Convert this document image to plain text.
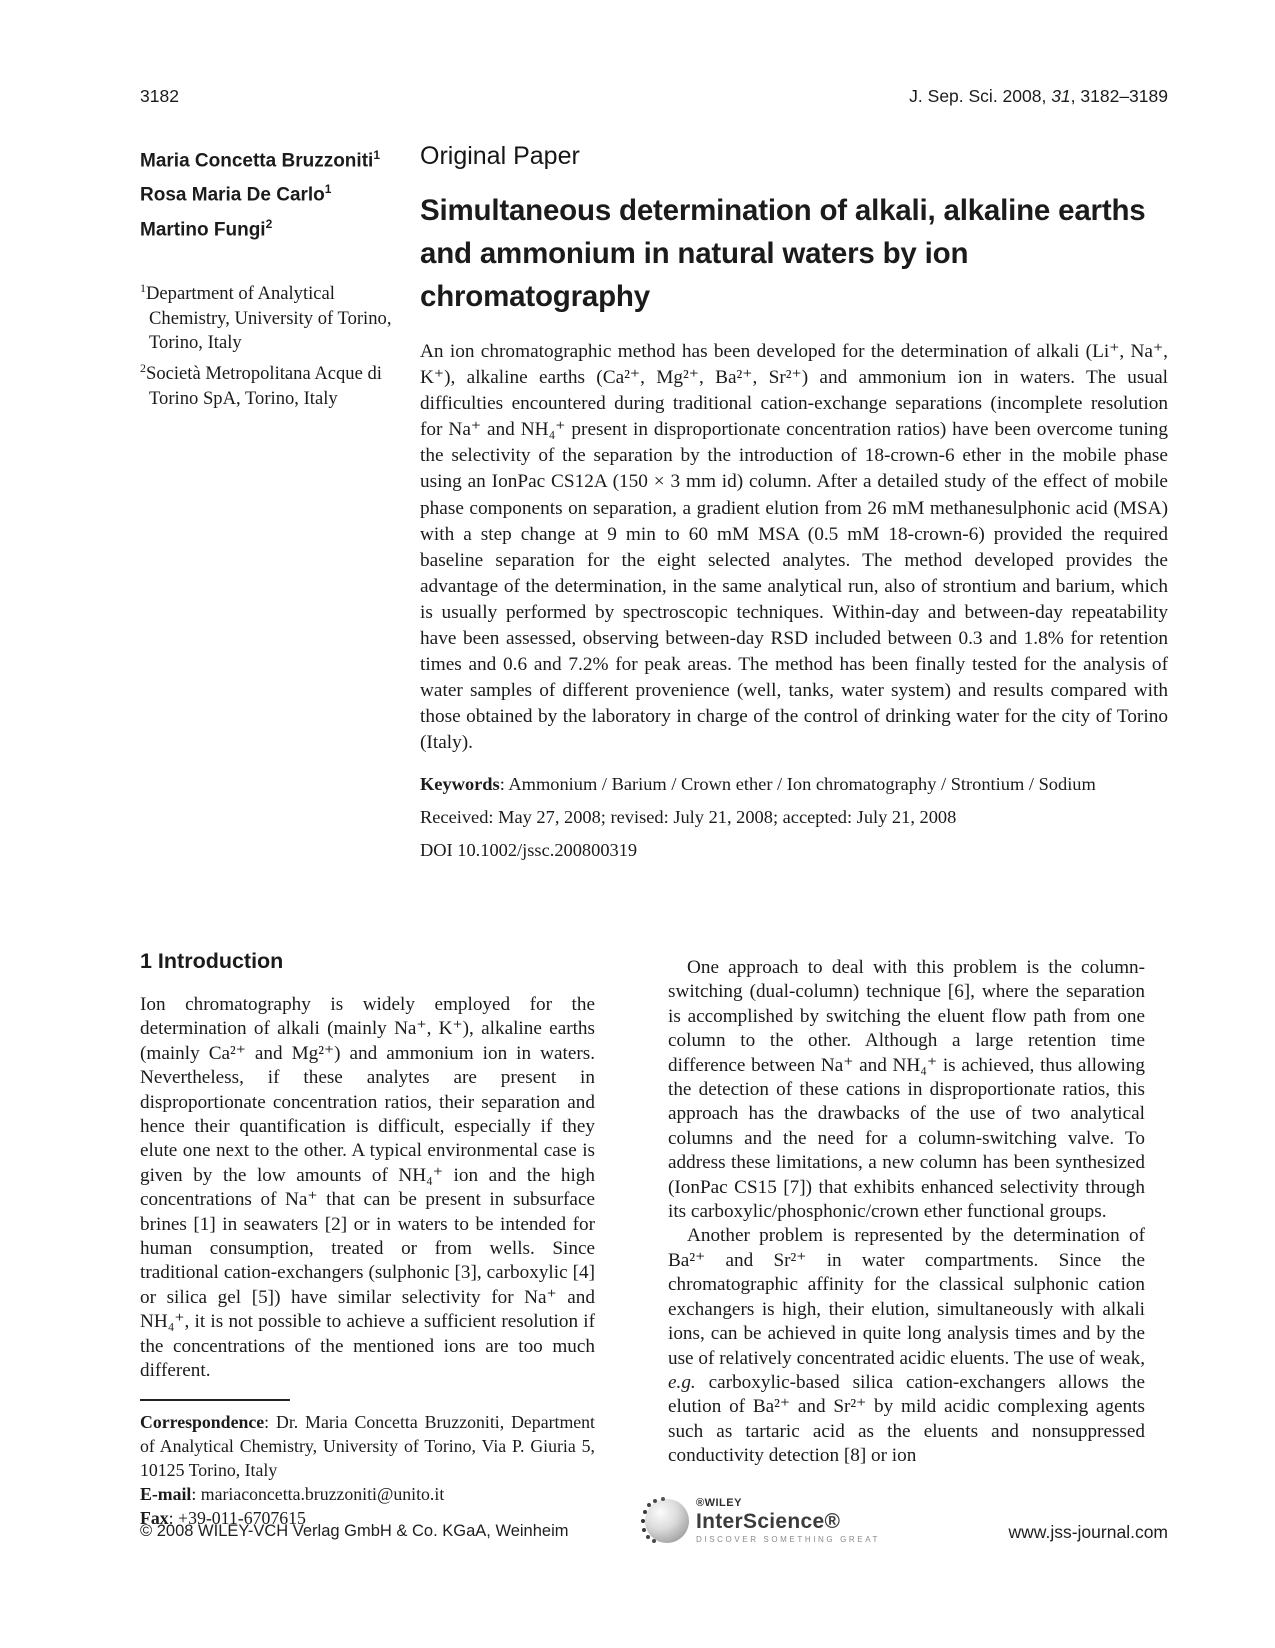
3182	J. Sep. Sci. 2008, 31, 3182–3189
Maria Concetta Bruzzoniti$^1$
Rosa Maria De Carlo$^1$
Martino Fungi$^2$

$^1$Department of Analytical Chemistry, University of Torino, Torino, Italy

$^2$Società Metropolitana Acque di Torino SpA, Torino, Italy

Original Paper
Simultaneous determination of alkali, alkaline earths and ammonium in natural waters by ion chromatography
An ion chromatographic method has been developed for the determination of alkali (Li⁺, Na⁺, K⁺), alkaline earths (Ca²⁺, Mg²⁺, Ba²⁺, Sr²⁺) and ammonium ion in waters. The usual difficulties encountered during traditional cation-exchange separations (incomplete resolution for Na⁺ and NH₄⁺ present in disproportionate concentration ratios) have been overcome tuning the selectivity of the separation by the introduction of 18-crown-6 ether in the mobile phase using an IonPac CS12A (150 × 3 mm id) column. After a detailed study of the effect of mobile phase components on separation, a gradient elution from 26 mM methanesulphonic acid (MSA) with a step change at 9 min to 60 mM MSA (0.5 mM 18-crown-6) provided the required baseline separation for the eight selected analytes. The method developed provides the advantage of the determination, in the same analytical run, also of strontium and barium, which is usually performed by spectroscopic techniques. Within-day and between-day repeatability have been assessed, observing between-day RSD included between 0.3 and 1.8% for retention times and 0.6 and 7.2% for peak areas. The method has been finally tested for the analysis of water samples of different provenience (well, tanks, water system) and results compared with those obtained by the laboratory in charge of the control of drinking water for the city of Torino (Italy).
Keywords: Ammonium / Barium / Crown ether / Ion chromatography / Strontium / Sodium
Received: May 27, 2008; revised: July 21, 2008; accepted: July 21, 2008
DOI 10.1002/jssc.200800319
1 Introduction

Ion chromatography is widely employed for the determination of alkali (mainly Na⁺, K⁺), alkaline earths (mainly Ca²⁺ and Mg²⁺) and ammonium ion in waters. Nevertheless, if these analytes are present in disproportionate concentration ratios, their separation and hence their quantification is difficult, especially if they elute one next to the other. A typical environmental case is given by the low amounts of NH₄⁺ ion and the high concentrations of Na⁺ that can be present in subsurface brines [1] in seawaters [2] or in waters to be intended for human consumption, treated or from wells. Since traditional cation-exchangers (sulphonic [3], carboxylic [4] or silica gel [5]) have similar selectivity for Na⁺ and NH₄⁺, it is not possible to achieve a sufficient resolution if the concentrations of the mentioned ions are too much different.

Correspondence: Dr. Maria Concetta Bruzzoniti, Department of Analytical Chemistry, University of Torino, Via P. Giuria 5, 10125 Torino, Italy

E-mail: mariaconcetta.bruzzoniti@unito.it

Fax: +39-011-6707615

One approach to deal with this problem is the column-switching (dual-column) technique [6], where the separation is accomplished by switching the eluent flow path from one column to the other. Although a large retention time difference between Na⁺ and NH₄⁺ is achieved, thus allowing the detection of these cations in disproportionate ratios, this approach has the drawbacks of the use of two analytical columns and the need for a column-switching valve. To address these limitations, a new column has been synthesized (IonPac CS15 [7]) that exhibits enhanced selectivity through its carboxylic/phosphonic/crown ether functional groups.

Another problem is represented by the determination of Ba²⁺ and Sr²⁺ in water compartments. Since the chromatographic affinity for the classical sulphonic cation exchangers is high, their elution, simultaneously with alkali ions, can be achieved in quite long analysis times and by the use of relatively concentrated acidic eluents. The use of weak, e.g. carboxylic-based silica cation-exchangers allows the elution of Ba²⁺ and Sr²⁺ by mild acidic complexing agents such as tartaric acid as the eluents and nonsuppressed conductivity detection [8] or ion

© 2008 WILEY-VCH Verlag GmbH & Co. KGaA, Weinheim
®WILEY
InterScience®
DISCOVER SOMETHING GREAT	www.jss-journal.com
